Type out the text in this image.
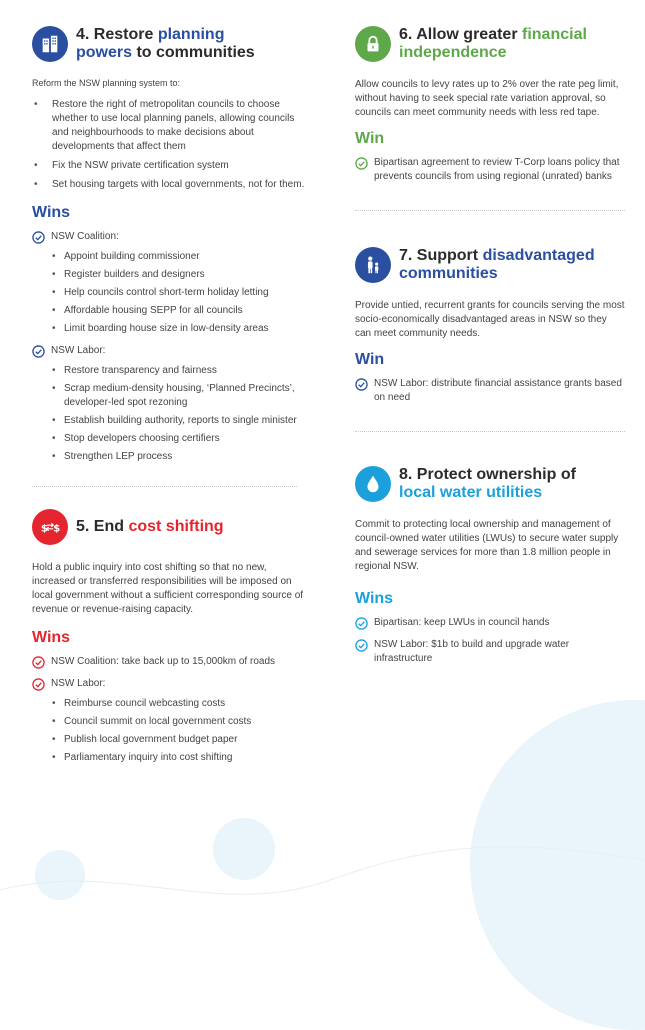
4. Restore planning
powers to communities
Reform the NSW planning system to:
• Restore the right of metropolitan councils to choose whether to use local planning panels, allowing councils and neighbourhoods to make decisions about developments that affect them
• Fix the NSW private certification system
• Set housing targets with local governments, not for them.
Wins
NSW Coalition:
• Appoint building commissioner
• Register builders and designers
• Help councils control short-term holiday letting
• Affordable housing SEPP for all councils
• Limit boarding house size in low-density areas
NSW Labor:
• Restore transparency and fairness
• Scrap medium-density housing, ‘Planned Precincts’, developer-led spot rezoning
• Establish building authority, reports to single minister
• Stop developers choosing certifiers
• Strengthen LEP process
$ $ 5. End cost shifting
Hold a public inquiry into cost shifting so that no new, increased or transferred responsibilities will be imposed on local government without a sufficient corresponding source of revenue or revenue-raising capacity.
Wins
NSW Coalition: take back up to 15,000km of roads
NSW Labor:
• Reimburse council webcasting costs
• Council summit on local government costs
• Publish local government budget paper
• Parliamentary inquiry into cost shifting
6. Allow greater financial
independence
Allow councils to levy rates up to 2% over the rate peg limit, without having to seek special rate variation approval, so councils can meet community needs with less red tape.
Win
Bipartisan agreement to review T-Corp loans policy that prevents councils from using regional (unrated) banks
7. Support disadvantaged
communities
Provide untied, recurrent grants for councils serving the most socio-economically disadvantaged areas in NSW so they can meet community needs.
Win
NSW Labor: distribute financial assistance grants based on need
8. Protect ownership of
local water utilities
Commit to protecting local ownership and management of council-owned water utilities (LWUs) to secure water supply and sewerage services for more than 1.8 million people in regional NSW.
Wins
Bipartisan: keep LWUs in council hands
NSW Labor: $1b to build and upgrade water infrastructure
